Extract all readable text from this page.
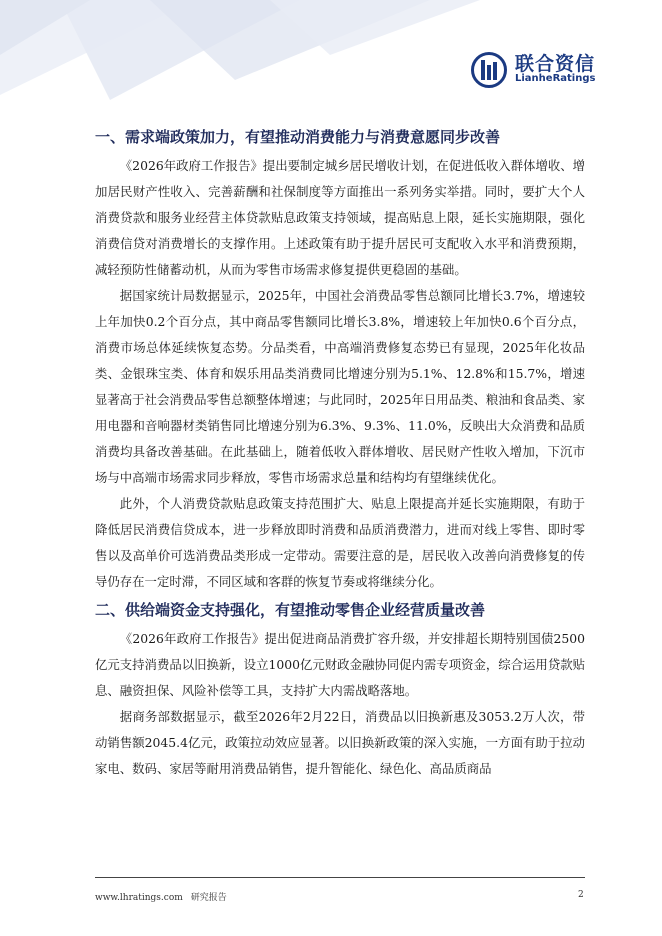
联合资信
LianheRatings
一、需求端政策加力，有望推动消费能力与消费意愿同步改善

《2026年政府工作报告》提出要制定城乡居民增收计划，在促进低收入群体增收、增加居民财产性收入、完善薪酬和社保制度等方面推出一系列务实举措。同时，要扩大个人消费贷款和服务业经营主体贷款贴息政策支持领域，提高贴息上限，延长实施期限，强化消费信贷对消费增长的支撑作用。上述政策有助于提升居民可支配收入水平和消费预期，减轻预防性储蓄动机，从而为零售市场需求修复提供更稳固的基础。

据国家统计局数据显示，2025年，中国社会消费品零售总额同比增长3.7%，增速较上年加快0.2个百分点，其中商品零售额同比增长3.8%，增速较上年加快0.6个百分点，消费市场总体延续恢复态势。分品类看，中高端消费修复态势已有显现，2025年化妆品类、金银珠宝类、体育和娱乐用品类消费同比增速分别为5.1%、12.8%和15.7%，增速显著高于社会消费品零售总额整体增速；与此同时，2025年日用品类、粮油和食品类、家用电器和音响器材类销售同比增速分别为6.3%、9.3%、11.0%，反映出大众消费和品质消费均具备改善基础。在此基础上，随着低收入群体增收、居民财产性收入增加，下沉市场与中高端市场需求同步释放，零售市场需求总量和结构均有望继续优化。

此外，个人消费贷款贴息政策支持范围扩大、贴息上限提高并延长实施期限，有助于降低居民消费信贷成本，进一步释放即时消费和品质消费潜力，进而对线上零售、即时零售以及高单价可选消费品类形成一定带动。需要注意的是，居民收入改善向消费修复的传导仍存在一定时滞，不同区域和客群的恢复节奏或将继续分化。

二、供给端资金支持强化，有望推动零售企业经营质量改善

《2026年政府工作报告》提出促进商品消费扩容升级，并安排超长期特别国债2500亿元支持消费品以旧换新，设立1000亿元财政金融协同促内需专项资金，综合运用贷款贴息、融资担保、风险补偿等工具，支持扩大内需战略落地。

据商务部数据显示，截至2026年2月22日，消费品以旧换新惠及3053.2万人次，带动销售额2045.4亿元，政策拉动效应显著。以旧换新政策的深入实施，一方面有助于拉动家电、数码、家居等耐用消费品销售，提升智能化、绿色化、高品质商品

www.lhratings.com 研究报告	2
